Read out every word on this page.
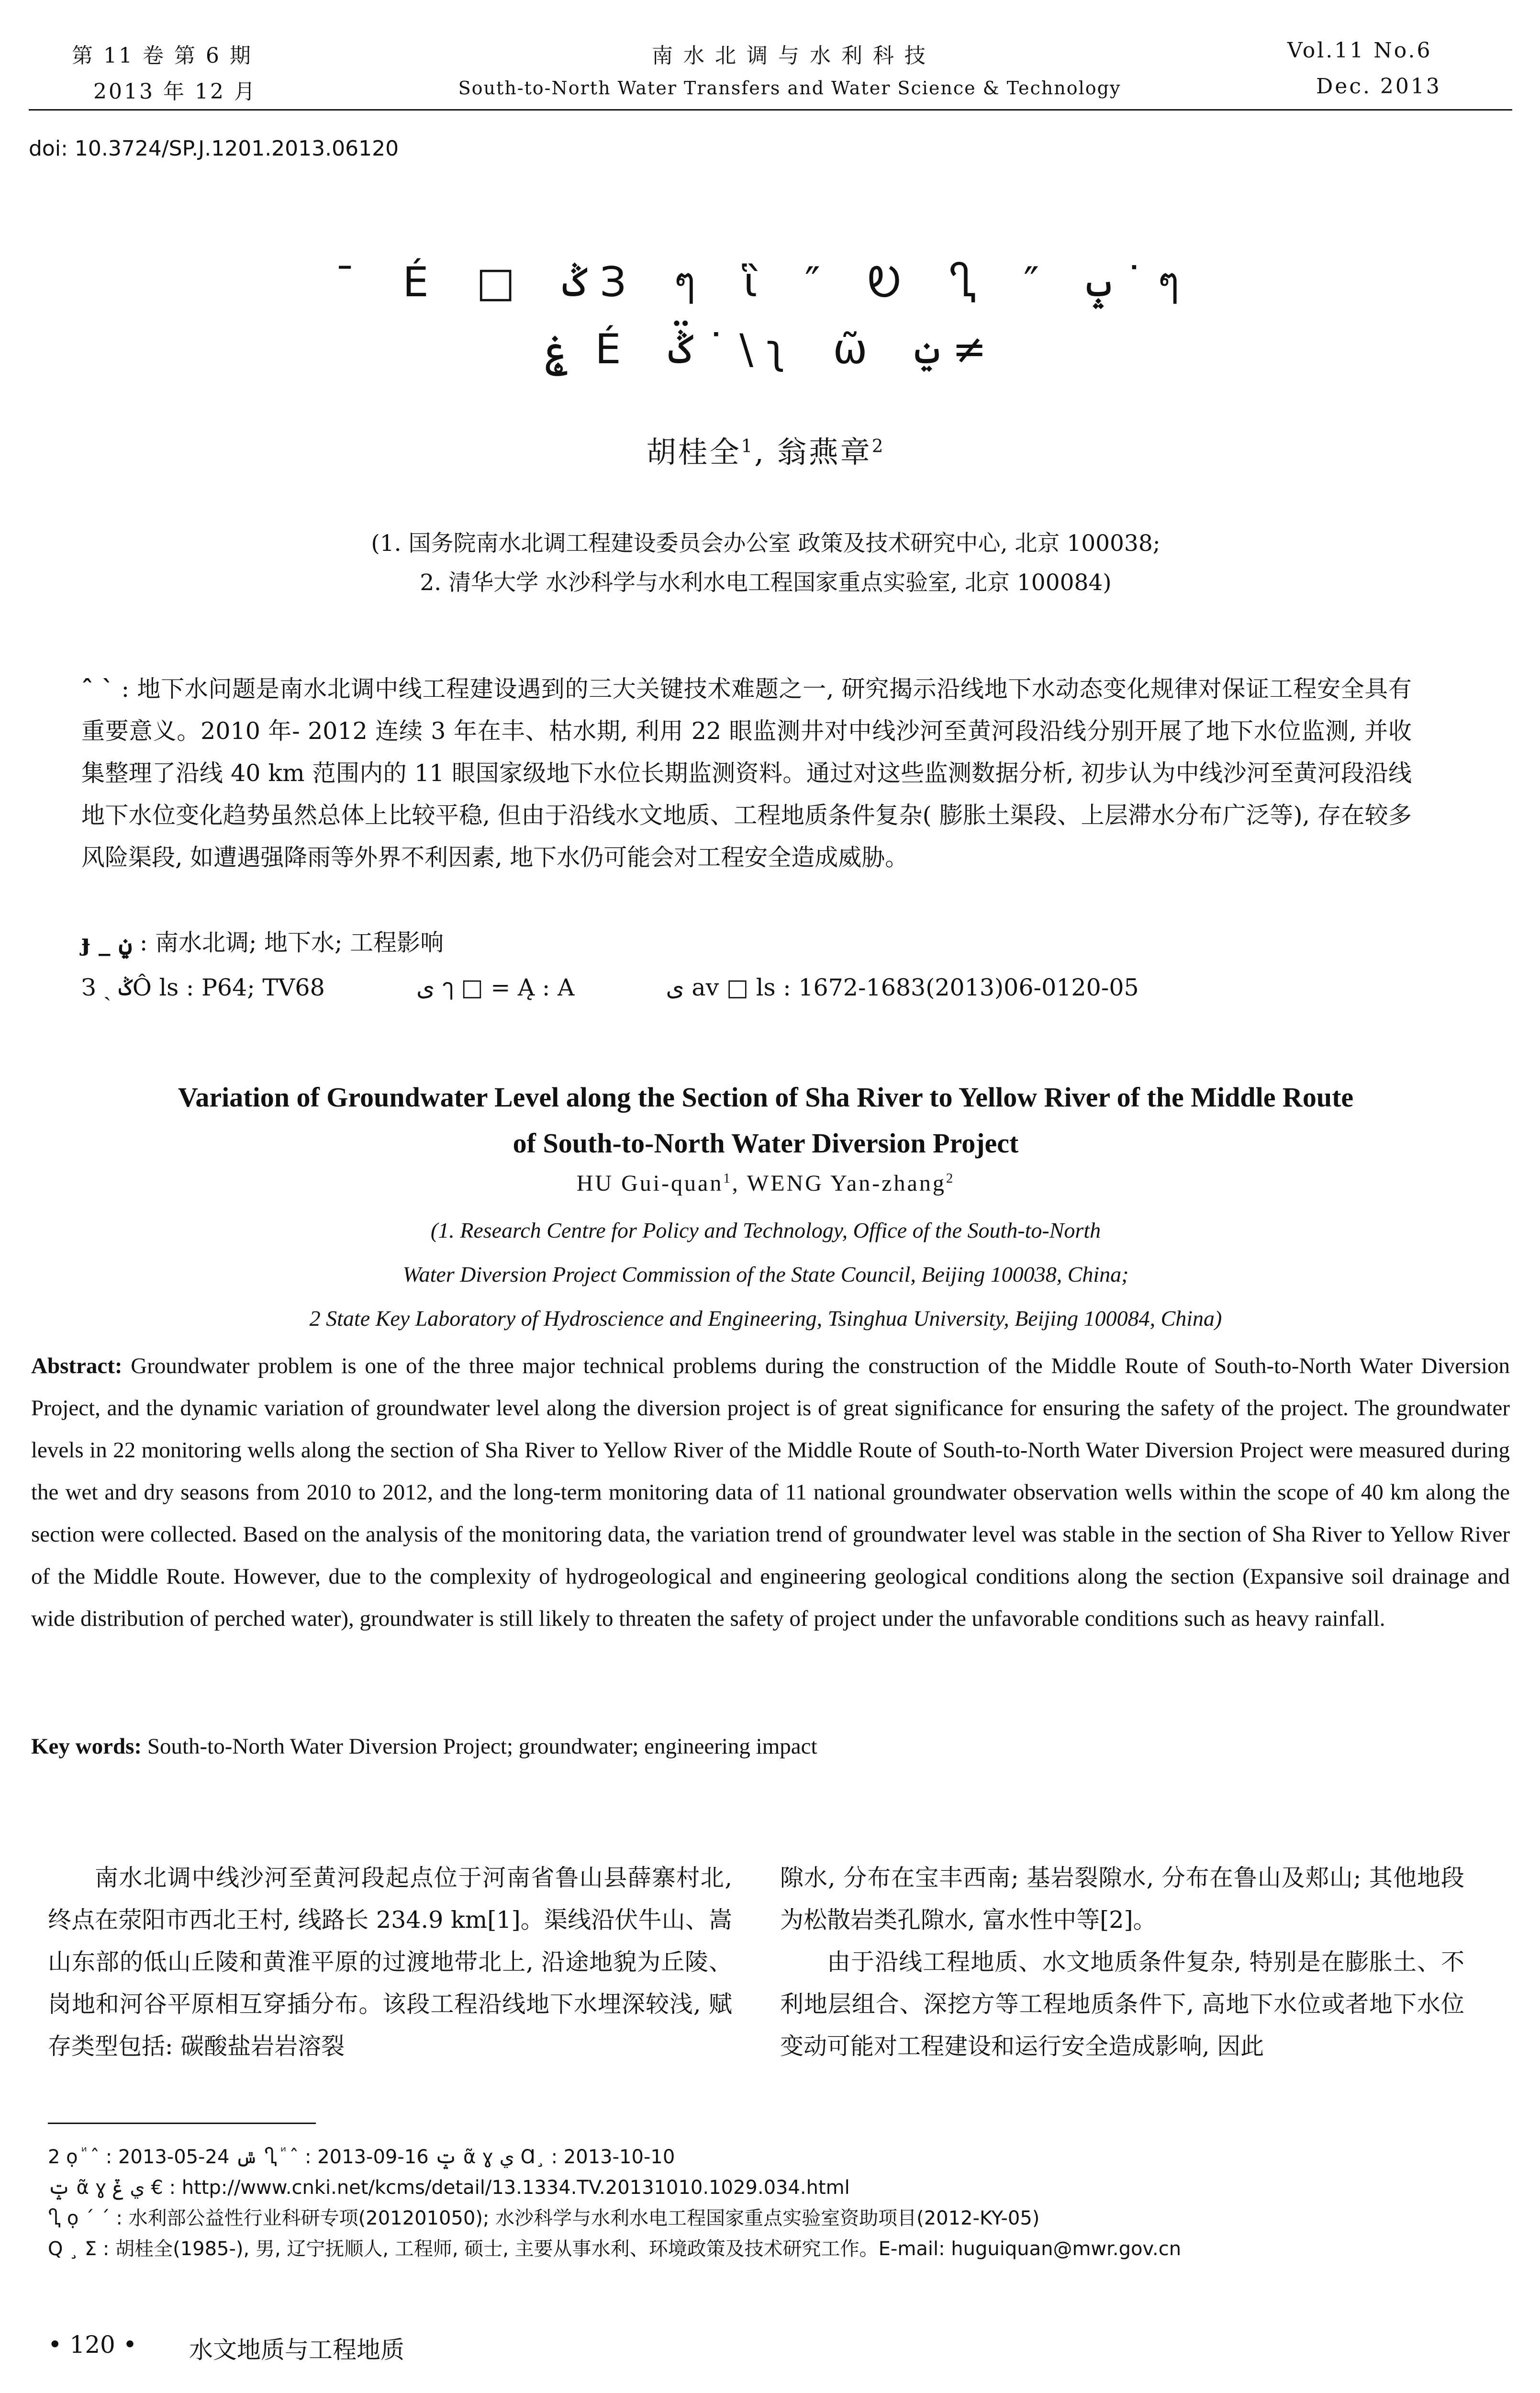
第 11 卷 第 6 期
2013 年 12 月
南 水 北 调 与 水 利 科 技
South-to-North Water Transfers and Water Science & Technology
Vol.11 No.6
Dec. 2013
doi: 10.3724/SP.J.1201.2013.06120
¯ É □ ݣ З ๆ ἳ ″ Ꭷ Ⴂ ″ ݒ ˙ ๆ
ۼ ̥ É ݣ̈ ˙ \ ʅ ῶ ݔ ≠
胡桂全$^1$, 翁燕章$^2$
(1. 国务院南水北调工程建设委员会办公室 政策及技术研究中心, 北京 100038;
2. 清华大学 水沙科学与水利水电工程国家重点实验室, 北京 100084)
ˆ ˋ : 地下水问题是南水北调中线工程建设遇到的三大关键技术难题之一, 研究揭示沿线地下水动态变化规律对保证工程安全具有重要意义。2010 年- 2012 连续 3 年在丰、枯水期, 利用 22 眼监测井对中线沙河至黄河段沿线分别开展了地下水位监测, 并收集整理了沿线 40 km 范围内的 11 眼国家级地下水位长期监测资料。通过对这些监测数据分析, 初步认为中线沙河至黄河段沿线地下水位变化趋势虽然总体上比较平稳, 但由于沿线水文地质、工程地质条件复杂( 膨胀土渠段、上层滞水分布广泛等), 存在较多风险渠段, 如遭遇强降雨等外界不利因素, 地下水仍可能会对工程安全造成威胁。
ɟ _ ݧ : 南水北调; 地下水; 工程影响
З ˎ ݣÔ ls : P64; TV68	ى ๅ □ = Ą : A	ى av □ ls : 1672-1683(2013)06-0120-05
Variation of Groundwater Level along the Section of Sha River to Yellow River of the Middle Route
of South-to-North Water Diversion Project
HU Gui-quan$^1$, WENG Yan-zhang$^2$
(1. Research Centre for Policy and Technology, Office of the South-to-North
Water Diversion Project Commission of the State Council, Beijing 100038, China;
2 State Key Laboratory of Hydroscience and Engineering, Tsinghua University, Beijing 100084, China)
Abstract: Groundwater problem is one of the three major technical problems during the construction of the Middle Route of South-to-North Water Diversion Project, and the dynamic variation of groundwater level along the diversion project is of great significance for ensuring the safety of the project. The groundwater levels in 22 monitoring wells along the section of Sha River to Yellow River of the Middle Route of South-to-North Water Diversion Project were measured during the wet and dry seasons from 2010 to 2012, and the long-term monitoring data of 11 national groundwater observation wells within the scope of 40 km along the section were collected. Based on the analysis of the monitoring data, the variation trend of groundwater level was stable in the section of Sha River to Yellow River of the Middle Route. However, due to the complexity of hydrogeological and engineering geological conditions along the section (Expansive soil drainage and wide distribution of perched water), groundwater is still likely to threaten the safety of project under the unfavorable conditions such as heavy rainfall.
Key words: South-to-North Water Diversion Project; groundwater; engineering impact
南水北调中线沙河至黄河段起点位于河南省鲁山县薛寨村北, 终点在荥阳市西北王村, 线路长 234.9 km[1]。渠线沿伏牛山、嵩山东部的低山丘陵和黄淮平原的过渡地带北上, 沿途地貌为丘陵、岗地和河谷平原相互穿插分布。该段工程沿线地下水埋深较浅, 赋存类型包括: 碳酸盐岩岩溶裂
隙水, 分布在宝丰西南; 基岩裂隙水, 分布在鲁山及郏山; 其他地段为松散岩类孔隙水, 富水性中等[2]。
由于沿线工程地质、水文地质条件复杂, 特别是在膨胀土、不利地层组合、深挖方等工程地质条件下, 高地下水位或者地下水位变动可能对工程建设和运行安全造成影响, 因此
2 ọ ꙵ ˆ : 2013-05-24 ݜ Ⴂ ꙵ ˆ : 2013-09-16 ݓ ᾶ ɣ ي Ɑ¸ : 2013-10-10
ݓ ᾶ ɣ ي ݞ € : http://www.cnki.net/kcms/detail/13.1334.TV.20131010.1029.034.html
Ⴂ ọ ˊ ˊ : 水利部公益性行业科研专项(201201050); 水沙科学与水利水电工程国家重点实验室资助项目(2012-KY-05)
Q ¸ Σ : 胡桂全(1985-), 男, 辽宁抚顺人, 工程师, 硕士, 主要从事水利、环境政策及技术研究工作。E-mail: huguiquan@mwr.gov.cn
• 120 • 水文地质与工程地质
